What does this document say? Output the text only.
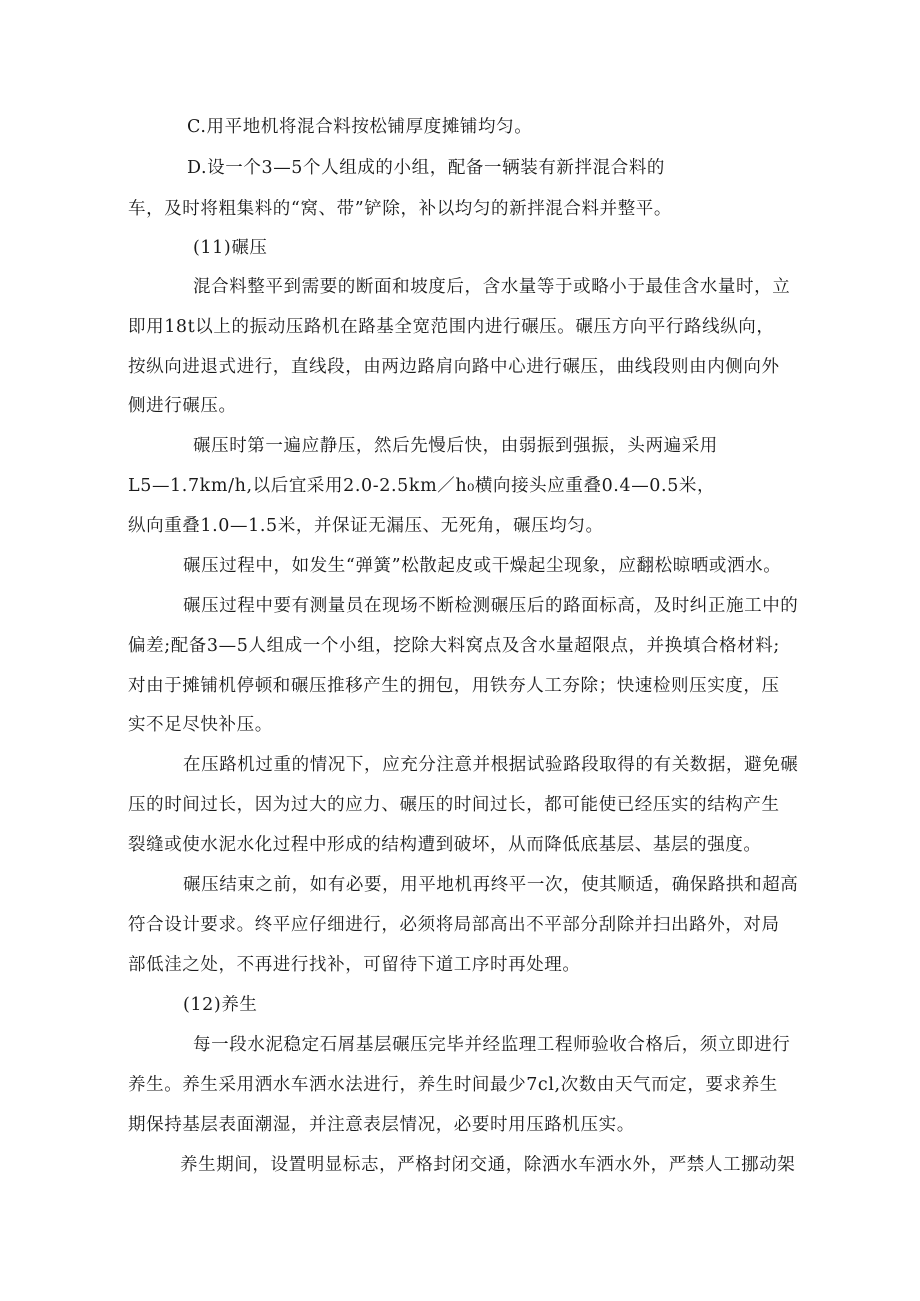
C.用平地机将混合料按松铺厚度摊铺均匀。
D.设一个3—5个人组成的小组，配备一辆装有新拌混合料的
车，及时将粗集料的“窝、带”铲除，补以均匀的新拌混合料并整平。
(11)碾压
混合料整平到需要的断面和坡度后，含水量等于或略小于最佳含水量时，立
即用18t以上的振动压路机在路基全宽范围内进行碾压。碾压方向平行路线纵向，
按纵向进退式进行，直线段，由两边路肩向路中心进行碾压，曲线段则由内侧向外
侧进行碾压。
碾压时第一遍应静压，然后先慢后快，由弱振到强振，头两遍采用
L5—1.7km/h,以后宜采用2.0-2.5km／h₀横向接头应重叠0.4—0.5米，
纵向重叠1.0—1.5米，并保证无漏压、无死角，碾压均匀。
碾压过程中，如发生“弹簧”松散起皮或干燥起尘现象，应翻松晾晒或洒水。
碾压过程中要有测量员在现场不断检测碾压后的路面标高，及时纠正施工中的
偏差;配备3—5人组成一个小组，挖除大料窝点及含水量超限点，并换填合格材料;
对由于摊铺机停顿和碾压推移产生的拥包，用铁夯人工夯除；快速检则压实度，压
实不足尽快补压。
在压路机过重的情况下，应充分注意并根据试验路段取得的有关数据，避免碾
压的时间过长，因为过大的应力、碾压的时间过长，都可能使已经压实的结构产生
裂缝或使水泥水化过程中形成的结构遭到破坏，从而降低底基层、基层的强度。
碾压结束之前，如有必要，用平地机再终平一次，使其顺适，确保路拱和超高
符合设计要求。终平应仔细进行，必须将局部高出不平部分刮除并扫出路外，对局
部低洼之处，不再进行找补，可留待下道工序时再处理。
(12)养生
每一段水泥稳定石屑基层碾压完毕并经监理工程师验收合格后，须立即进行
养生。养生采用洒水车洒水法进行，养生时间最少7cl,次数由天气而定，要求养生
期保持基层表面潮湿，并注意表层情况，必要时用压路机压实。
养生期间，设置明显标志，严格封闭交通，除洒水车洒水外，严禁人工挪动架
